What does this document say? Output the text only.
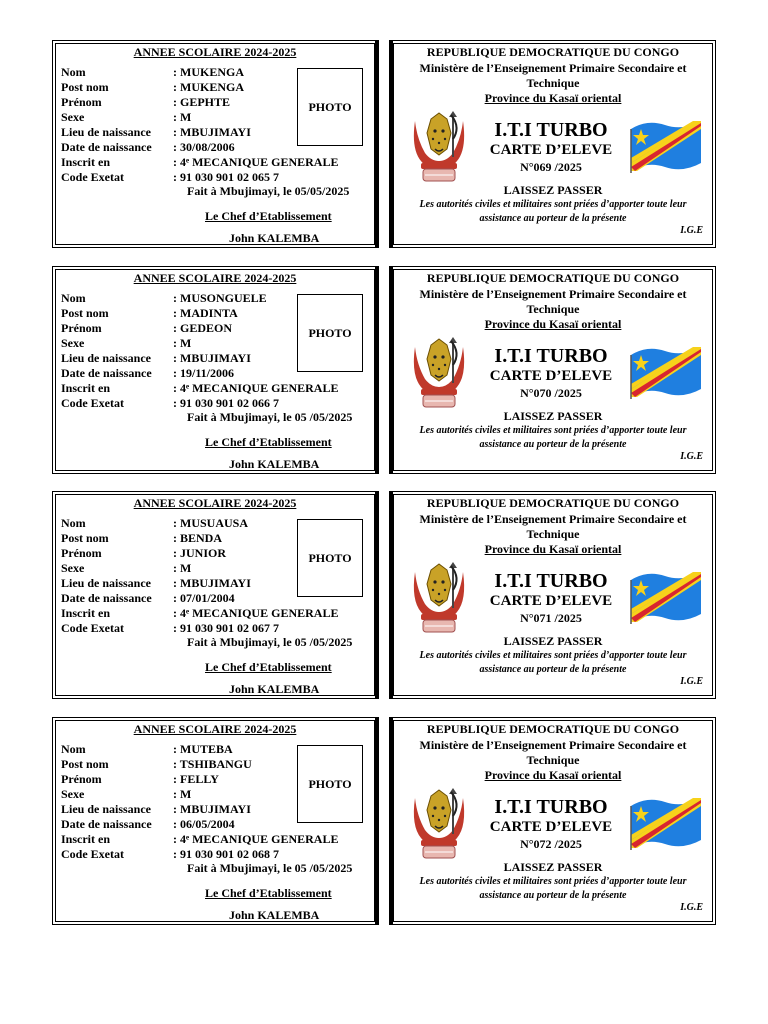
ANNEE SCOLAIRE 2024-2025
Nom	: MUKENGA
Post nom	: MUKENGA
Prénom	: GEPHTE
Sexe	: M
Lieu de naissance : MBUJIMAYI
Date de naissance : 30/08/2006
Inscrit en	: 4ᵉ MECANIQUE GENERALE
Code Exetat	: 91 030 901 02 065 7
PHOTO
Fait à Mbujimayi, le 05/05/2025
Le Chef d’Etablissement
John KALEMBA
REPUBLIQUE DEMOCRATIQUE DU CONGO
Ministère de l’Enseignement Primaire Secondaire et Technique
Province du Kasaï oriental
I.T.I TURBO
CARTE D’ELEVE
N°069 /2025
LAISSEZ PASSER
Les autorités civiles et militaires sont priées d’apporter toute leur assistance au porteur de la présente
I.G.E
ANNEE SCOLAIRE 2024-2025
Nom	: MUSONGUELE
Post nom	: MADINTA
Prénom	: GEDEON
Sexe	: M
Lieu de naissance : MBUJIMAYI
Date de naissance : 19/11/2006
Inscrit en	: 4ᵉ MECANIQUE GENERALE
Code Exetat	: 91 030 901 02 066 7
PHOTO
Fait à Mbujimayi, le 05 /05/2025
Le Chef d’Etablissement
John KALEMBA
REPUBLIQUE DEMOCRATIQUE DU CONGO
Ministère de l’Enseignement Primaire Secondaire et Technique
Province du Kasaï oriental
I.T.I TURBO
CARTE D’ELEVE
N°070 /2025
LAISSEZ PASSER
Les autorités civiles et militaires sont priées d’apporter toute leur assistance au porteur de la présente
I.G.E
ANNEE SCOLAIRE 2024-2025
Nom	: MUSUAUSA
Post nom	: BENDA
Prénom	: JUNIOR
Sexe	: M
Lieu de naissance : MBUJIMAYI
Date de naissance : 07/01/2004
Inscrit en	: 4ᵉ MECANIQUE GENERALE
Code Exetat	: 91 030 901 02 067 7
PHOTO
Fait à Mbujimayi, le 05 /05/2025
Le Chef d’Etablissement
John KALEMBA
REPUBLIQUE DEMOCRATIQUE DU CONGO
Ministère de l’Enseignement Primaire Secondaire et Technique
Province du Kasaï oriental
I.T.I TURBO
CARTE D’ELEVE
N°071 /2025
LAISSEZ PASSER
Les autorités civiles et militaires sont priées d’apporter toute leur assistance au porteur de la présente
I.G.E
ANNEE SCOLAIRE 2024-2025
Nom	: MUTEBA
Post nom	: TSHIBANGU
Prénom	: FELLY
Sexe	: M
Lieu de naissance : MBUJIMAYI
Date de naissance : 06/05/2004
Inscrit en	: 4ᵉ MECANIQUE GENERALE
Code Exetat	: 91 030 901 02 068 7
PHOTO
Fait à Mbujimayi, le 05 /05/2025
Le Chef d’Etablissement
John KALEMBA
REPUBLIQUE DEMOCRATIQUE DU CONGO
Ministère de l’Enseignement Primaire Secondaire et Technique
Province du Kasaï oriental
I.T.I TURBO
CARTE D’ELEVE
N°072 /2025
LAISSEZ PASSER
Les autorités civiles et militaires sont priées d’apporter toute leur assistance au porteur de la présente
I.G.E
